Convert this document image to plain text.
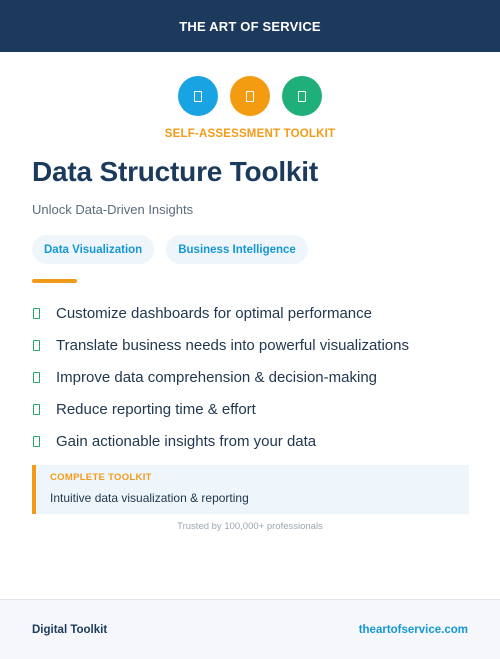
THE ART OF SERVICE
SELF-ASSESSMENT TOOLKIT
Data Structure Toolkit
Unlock Data-Driven Insights
Data Visualization	Business Intelligence
Customize dashboards for optimal performance
Translate business needs into powerful visualizations
Improve data comprehension & decision-making
Reduce reporting time & effort
Gain actionable insights from your data
COMPLETE TOOLKIT
Intuitive data visualization & reporting
Trusted by 100,000+ professionals
Digital Toolkit	theartofservice.com
